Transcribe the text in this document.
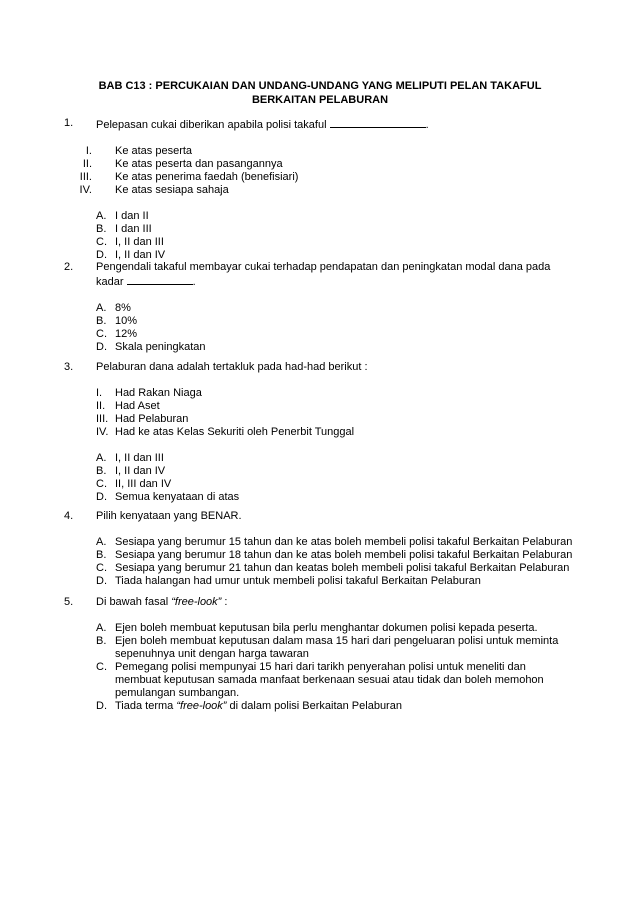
BAB C13 : PERCUKAIAN DAN UNDANG-UNDANG YANG MELIPUTI PELAN TAKAFUL
BERKAITAN PELABURAN
1. Pelepasan cukai diberikan apabila polisi takaful	.
I. Ke atas peserta
II. Ke atas peserta dan pasangannya
III. Ke atas penerima faedah (benefisiari)
IV. Ke atas sesiapa sahaja
A. I dan II
B. I dan III
C. I, II dan III
D. I, II dan IV
2. Pengendali takaful membayar cukai terhadap pendapatan dan peningkatan modal dana pada kadar	.
A. 8%
B. 10%
C. 12%
D. Skala peningkatan
3. Pelaburan dana adalah tertakluk pada had-had berikut :
I. Had Rakan Niaga
II. Had Aset
III. Had Pelaburan
IV. Had ke atas Kelas Sekuriti oleh Penerbit Tunggal
A. I, II dan III
B. I, II dan IV
C. II, III dan IV
D. Semua kenyataan di atas
4. Pilih kenyataan yang BENAR.
A. Sesiapa yang berumur 15 tahun dan ke atas boleh membeli polisi takaful Berkaitan Pelaburan
B. Sesiapa yang berumur 18 tahun dan ke atas boleh membeli polisi takaful Berkaitan Pelaburan
C. Sesiapa yang berumur 21 tahun dan keatas boleh membeli polisi takaful Berkaitan Pelaburan
D. Tiada halangan had umur untuk membeli polisi takaful Berkaitan Pelaburan
5. Di bawah fasal “free-look” :
A. Ejen boleh membuat keputusan bila perlu menghantar dokumen polisi kepada peserta.
B. Ejen boleh membuat keputusan dalam masa 15 hari dari pengeluaran polisi untuk meminta sepenuhnya unit dengan harga tawaran
C. Pemegang polisi mempunyai 15 hari dari tarikh penyerahan polisi untuk meneliti dan membuat keputusan samada manfaat berkenaan sesuai atau tidak dan boleh memohon pemulangan sumbangan.
D. Tiada terma “free-look” di dalam polisi Berkaitan Pelaburan
